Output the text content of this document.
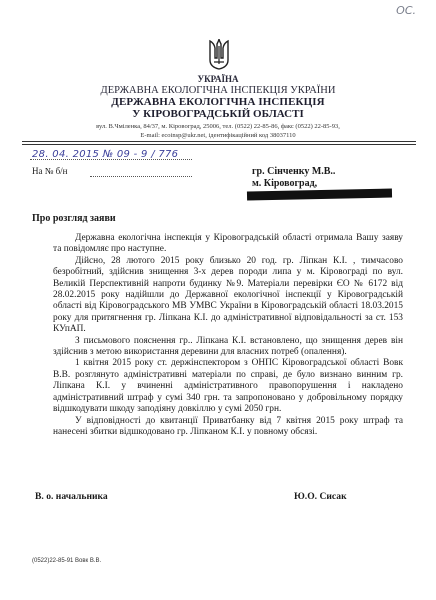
ОС.
УКРАЇНА
ДЕРЖАВНА ЕКОЛОГІЧНА ІНСПЕКЦІЯ УКРАЇНИ
ДЕРЖАВНА ЕКОЛОГІЧНА ІНСПЕКЦІЯ
У КІРОВОГРАДСЬКІЙ ОБЛАСТІ
вул. В.Чміленка, 84/37, м. Кіровоград, 25006, тел. (0522) 22-85-86, факс (0522) 22-85-93,
E-mail: ecoinsp@ukr.net, ідентифікаційний код 38037110
28. 04. 2015 № 09 - 9 / 776
На № б/н	гр. Сінченку М.В..
м. Кіровоград,
Про розгляд заяви

Державна екологічна інспекція у Кіровоградській області отримала Вашу заяву та повідомляє про наступне.

Дійсно, 28 лютого 2015 року близько 20 год. гр. Ліпкан К.І. , тимчасово безробітний, здійснив знищення 3-х дерев породи липа у м. Кіровограді по вул. Великій Перспективній напроти будинку №9. Матеріали перевірки ЄО № 6172 від 28.02.2015 року надійшли до Державної екологічної інспекції у Кіровоградській області від Кіровоградського МВ УМВС України в Кіровоградській області 18.03.2015 року для притягнення гр. Ліпкана К.І. до адміністративної відповідальності за ст. 153 КУпАП.

З письмового пояснення гр.. Ліпкана К.І. встановлено, що знищення дерев він здійснив з метою використання деревини для власних потреб (опалення).

1 квітня 2015 року ст. держінспектором з ОНПС Кіровоградської області Вовк В.В. розглянуто адміністративні матеріали по справі, де було визнано винним гр. Ліпкана К.І. у вчиненні адміністративного правопорушення і накладено адміністративний штраф у сумі 340 грн. та запропоновано у добровільному порядку відшкодувати шкоду заподіяну довкіллю у сумі 2050 грн.

У відповідності до квитанції Приватбанку від 7 квітня 2015 року штраф та нанесені збитки відшкодовано гр. Ліпканом К.І. у повному обсязі.

В. о. начальника	Ю.О. Сисак
(0522)22-85-91 Вовк В.В.
